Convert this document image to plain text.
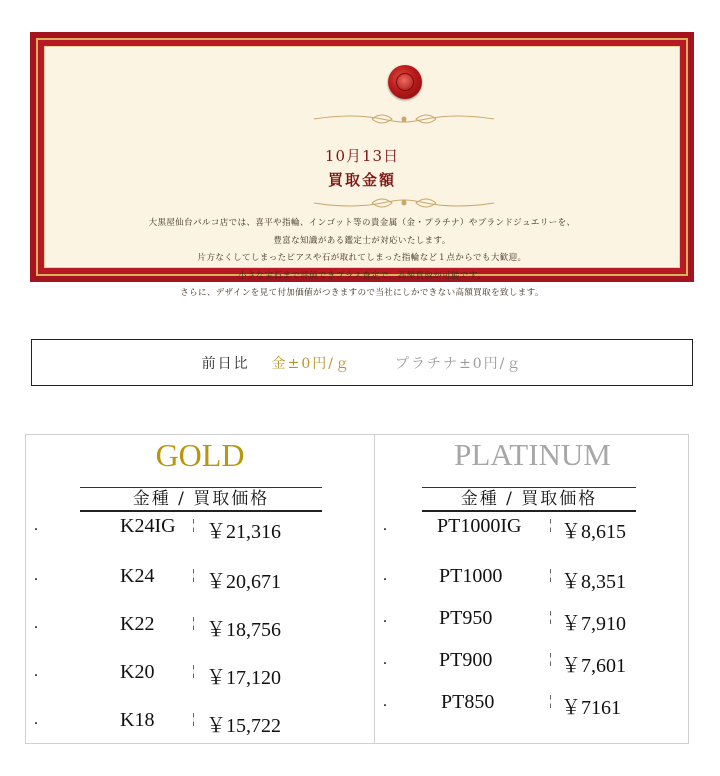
10月13日
買取金額
大黒屋仙台パルコ店では、喜平や指輪、インゴット等の貴金属（金・プラチナ）やブランドジュエリーを、
豊富な知識がある鑑定士が対応いたします。
片方なくしてしまったピアスや石が取れてしまった指輪など１点からでも大歓迎。
小さな宝石まで評価できプラス査定で、高額買取が可能です。
さらに、デザインを見て付加価値がつきますので当社にしかできない高額買取を致します。
前日比 金±0円/ｇ	プラチナ±0円/ｇ
GOLD
金種 / 買取価格
.	K24IG ¦ ￥21,316
.	K24	¦ ￥20,671
.	K22	¦ ￥18,756
.	K20	¦ ￥17,120
.	K18	¦ ￥15,722
PLATINUM
金種 / 買取価格
.	PT1000IG ¦ ￥8,615
.	PT1000	¦ ￥8,351
.	PT950	¦ ￥7,910
.	PT900	¦ ￥7,601
.	PT850	¦ ￥7161
